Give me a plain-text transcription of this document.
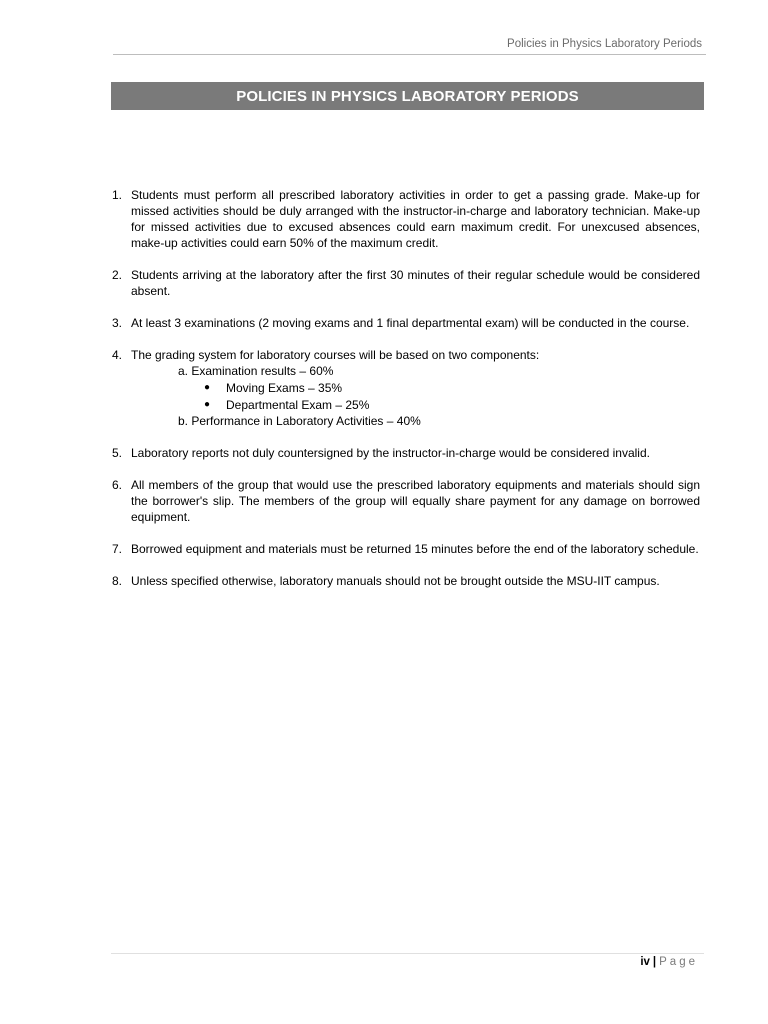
Policies in Physics Laboratory Periods
POLICIES IN PHYSICS LABORATORY PERIODS
1. Students must perform all prescribed laboratory activities in order to get a passing grade. Make-up for missed activities should be duly arranged with the instructor-in-charge and laboratory technician. Make-up for missed activities due to excused absences could earn maximum credit. For unexcused absences, make-up activities could earn 50% of the maximum credit.
2. Students arriving at the laboratory after the first 30 minutes of their regular schedule would be considered absent.
3. At least 3 examinations (2 moving exams and 1 final departmental exam) will be conducted in the course.
4. The grading system for laboratory courses will be based on two components:
a. Examination results – 60%
●	Moving Exams – 35%
●	Departmental Exam – 25%
b. Performance in Laboratory Activities – 40%
5. Laboratory reports not duly countersigned by the instructor-in-charge would be considered invalid.
6. All members of the group that would use the prescribed laboratory equipments and materials should sign the borrower's slip. The members of the group will equally share payment for any damage on borrowed equipment.
7. Borrowed equipment and materials must be returned 15 minutes before the end of the laboratory schedule.
8. Unless specified otherwise, laboratory manuals should not be brought outside the MSU-IIT campus.
iv | Page
